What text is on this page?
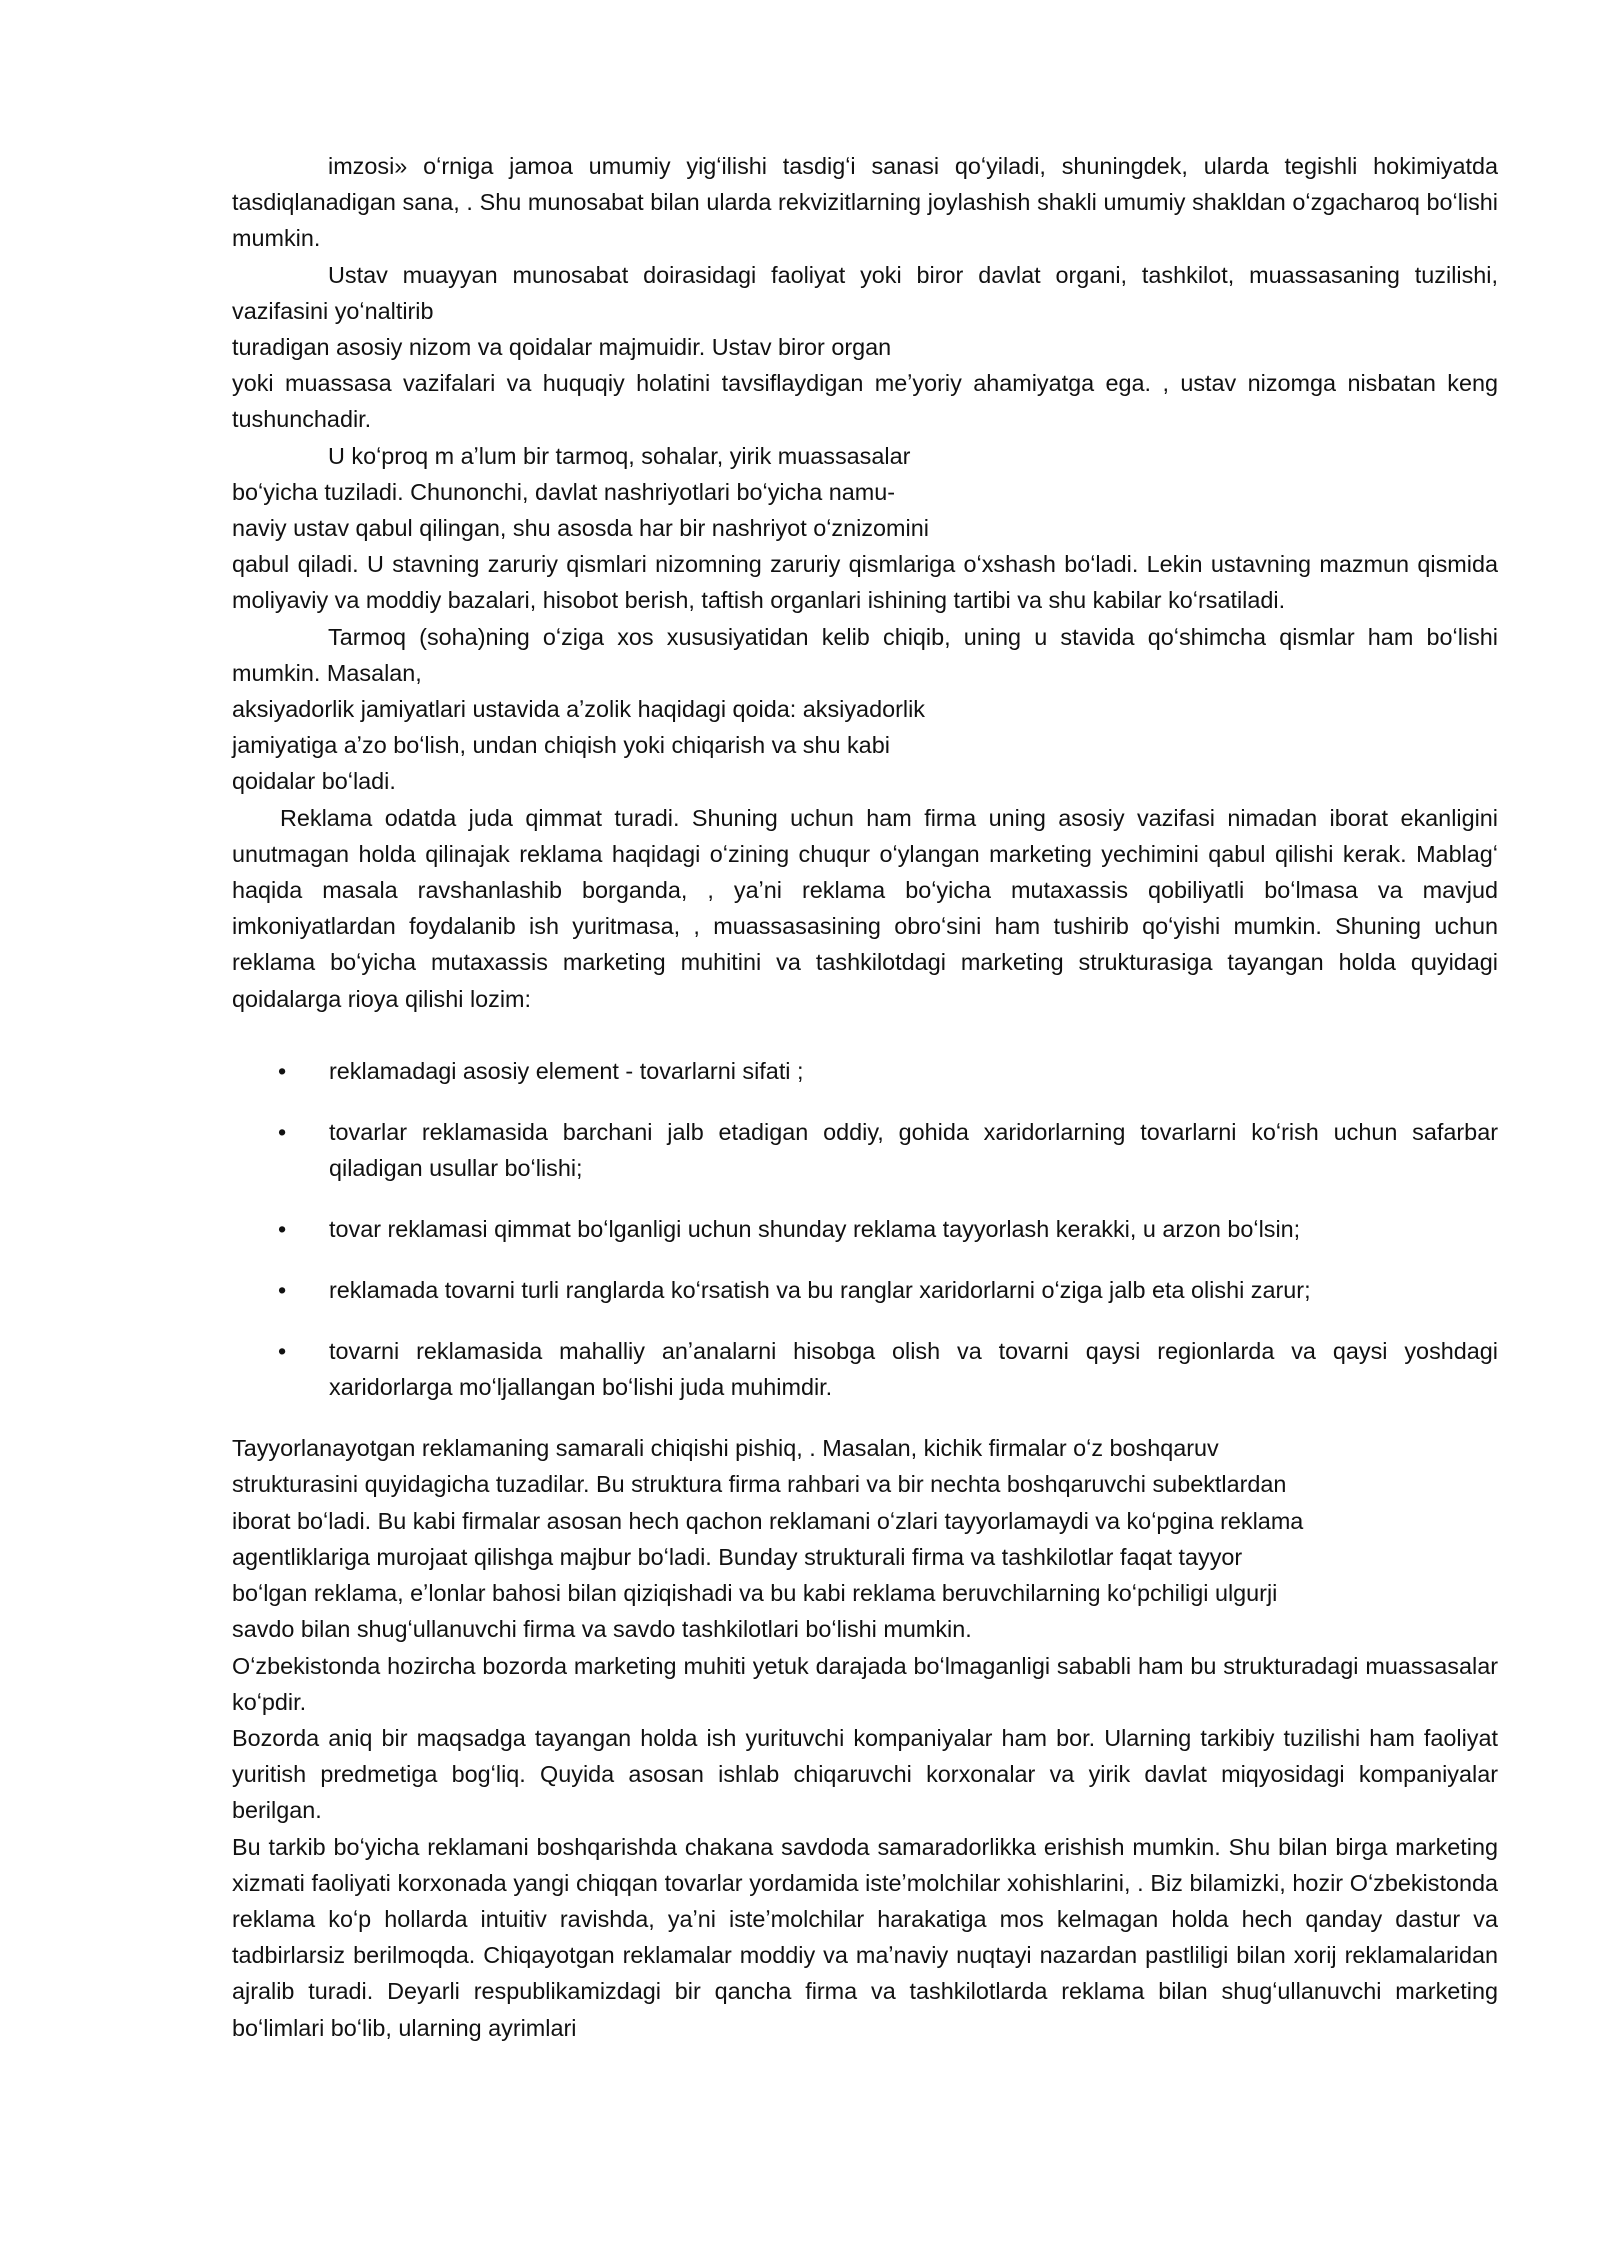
imzosi» oʻrniga jamoa umumiy yigʻilishi tasdigʻi sanasi qoʻyiladi, shuningdek, ularda tegishli hokimiyatda tasdiqlanadigan sana, . Shu munosabat bilan ularda rekvizitlarning joylashish shakli umumiy shakldan oʻzgacharoq boʻlishi mumkin.

Ustav muayyan munosabat doirasidagi faoliyat yoki biror davlat organi, tashkilot, muassasaning tuzilishi, vazifasini yoʻnaltirib

turadigan asosiy nizom va qoidalar majmuidir. Ustav biror organ

yoki muassasa vazifalari va huquqiy holatini tavsiflaydigan meʼyoriy ahamiyatga ega. , ustav nizomga nisbatan keng tushunchadir.

U koʻproq m aʼlum bir tarmoq, sohalar, yirik muassasalar

boʻyicha tuziladi. Chunonchi, davlat nashriyotlari boʻyicha namu-

naviy ustav qabul qilingan, shu asosda har bir nashriyot oʻznizomini

qabul qiladi. U stavning zaruriy qismlari nizomning zaruriy qismlariga oʻxshash boʻladi. Lekin ustavning mazmun qismida moliyaviy va moddiy bazalari, hisobot berish, taftish organlari ishining tartibi va shu kabilar koʻrsatiladi.

Tarmoq (soha)ning oʻziga xos xususiyatidan kelib chiqib, uning u stavida qoʻshimcha qismlar ham boʻlishi mumkin. Masalan,

aksiyadorlik jamiyatlari ustavida aʼzolik haqidagi qoida: aksiyadorlik

jamiyatiga aʼzo boʻlish, undan chiqish yoki chiqarish va shu kabi

qoidalar boʻladi.

Reklama odatda juda qimmat turadi. Shuning uchun ham firma uning asosiy vazifasi nimadan iborat ekanligini unutmagan holda qilinajak reklama haqidagi oʻzining chuqur oʻylangan marketing yechimini qabul qilishi kerak. Mablagʻ haqida masala ravshanlashib borganda, , yaʼni reklama boʻyicha mutaxassis qobiliyatli boʻlmasa va mavjud imkoniyatlardan foydalanib ish yuritmasa, , muassasasining obroʻsini ham tushirib qoʻyishi mumkin. Shuning uchun reklama boʻyicha mutaxassis marketing muhitini va tashkilotdagi marketing strukturasiga tayangan holda quyidagi qoidalarga rioya qilishi lozim:

• reklamadagi asosiy element - tovarlarni sifati ;
• tovarlar reklamasida barchani jalb etadigan oddiy, gohida xaridorlarning tovarlarni koʻrish uchun safarbar qiladigan usullar boʻlishi;
• tovar reklamasi qimmat boʻlganligi uchun shunday reklama tayyorlash kerakki, u arzon boʻlsin;
• reklamada tovarni turli ranglarda koʻrsatish va bu ranglar xaridorlarni oʻziga jalb eta olishi zarur;
• tovarni reklamasida mahalliy anʼanalarni hisobga olish va tovarni qaysi regionlarda va qaysi yoshdagi xaridorlarga moʻljallangan boʻlishi juda muhimdir.

Tayyorlanayotgan reklamaning samarali chiqishi pishiq, . Masalan, kichik firmalar oʻz boshqaruv
strukturasini quyidagicha tuzadilar. Bu struktura firma rahbari va bir nechta boshqaruvchi subektlardan
iborat boʻladi. Bu kabi firmalar asosan hech qachon reklamani oʻzlari tayyorlamaydi va koʻpgina reklama
agentliklariga murojaat qilishga majbur boʻladi. Bunday strukturali firma va tashkilotlar faqat tayyor
boʻlgan reklama, eʼlonlar bahosi bilan qiziqishadi va bu kabi reklama beruvchilarning koʻpchiligi ulgurji
savdo bilan shugʻullanuvchi firma va savdo tashkilotlari boʻlishi mumkin.

Oʻzbekistonda hozircha bozorda marketing muhiti yetuk darajada boʻlmaganligi sababli ham bu strukturadagi muassasalar koʻpdir.

Bozorda aniq bir maqsadga tayangan holda ish yurituvchi kompaniyalar ham bor. Ularning tarkibiy tuzilishi ham faoliyat yuritish predmetiga bogʻliq. Quyida asosan ishlab chiqaruvchi korxonalar va yirik davlat miqyosidagi kompaniyalar berilgan.

Bu tarkib boʻyicha reklamani boshqarishda chakana savdoda samaradorlikka erishish mumkin. Shu bilan birga marketing xizmati faoliyati korxonada yangi chiqqan tovarlar yordamida isteʼmolchilar xohishlarini, . Biz bilamizki, hozir Oʻzbekistonda reklama koʻp hollarda intuitiv ravishda, yaʼni isteʼmolchilar harakatiga mos kelmagan holda hech qanday dastur va tadbirlarsiz berilmoqda. Chiqayotgan reklamalar moddiy va maʼnaviy nuqtayi nazardan pastliligi bilan xorij reklamalaridan ajralib turadi. Deyarli respublikamizdagi bir qancha firma va tashkilotlarda reklama bilan shugʻullanuvchi marketing boʻlimlari boʻlib, ularning ayrimlari
